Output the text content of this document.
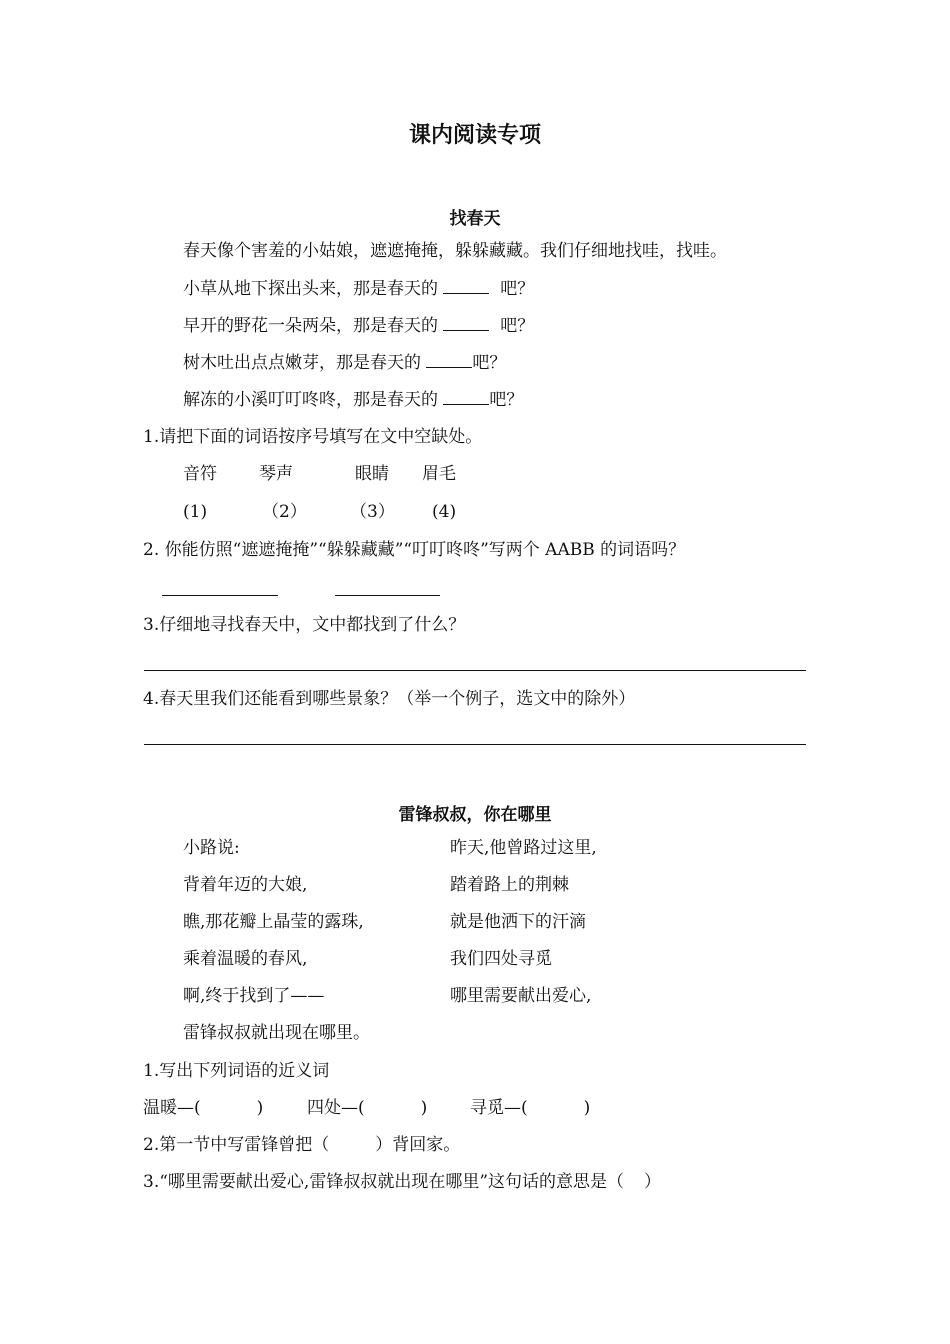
课内阅读专项
找春天
春天像个害羞的小姑娘，遮遮掩掩，躲躲藏藏。我们仔细地找哇，找哇。
小草从地下探出头来，那是春天的	吧？
早开的野花一朵两朵，那是春天的	吧？
树木吐出点点嫩芽，那是春天的	吧？
解冻的小溪叮叮咚咚，那是春天的	吧？
1.请把下面的词语按序号填写在文中空缺处。
音符 琴声	眼睛 眉毛
(1)	（2）	（3） (4)
2. 你能仿照“遮遮掩掩”“躲躲藏藏”“叮叮咚咚”写两个 AABB 的词语吗？
3.仔细地寻找春天中，文中都找到了什么？
4.春天里我们还能看到哪些景象？（举一个例子，选文中的除外）
雷锋叔叔，你在哪里
小路说:
背着年迈的大娘,
瞧,那花瓣上晶莹的露珠,
乘着温暖的春风,
啊,终于找到了——
雷锋叔叔就出现在哪里。
昨天,他曾路过这里,
踏着路上的荆棘
就是他洒下的汗滴
我们四处寻觅
哪里需要献出爱心,
1.写出下列词语的近义词
温暖—(	)	四处—(	)	寻觅—(	)
2.第一节中写雷锋曾把（	）背回家。
3.“哪里需要献出爱心,雷锋叔叔就出现在哪里”这句话的意思是（ ）
